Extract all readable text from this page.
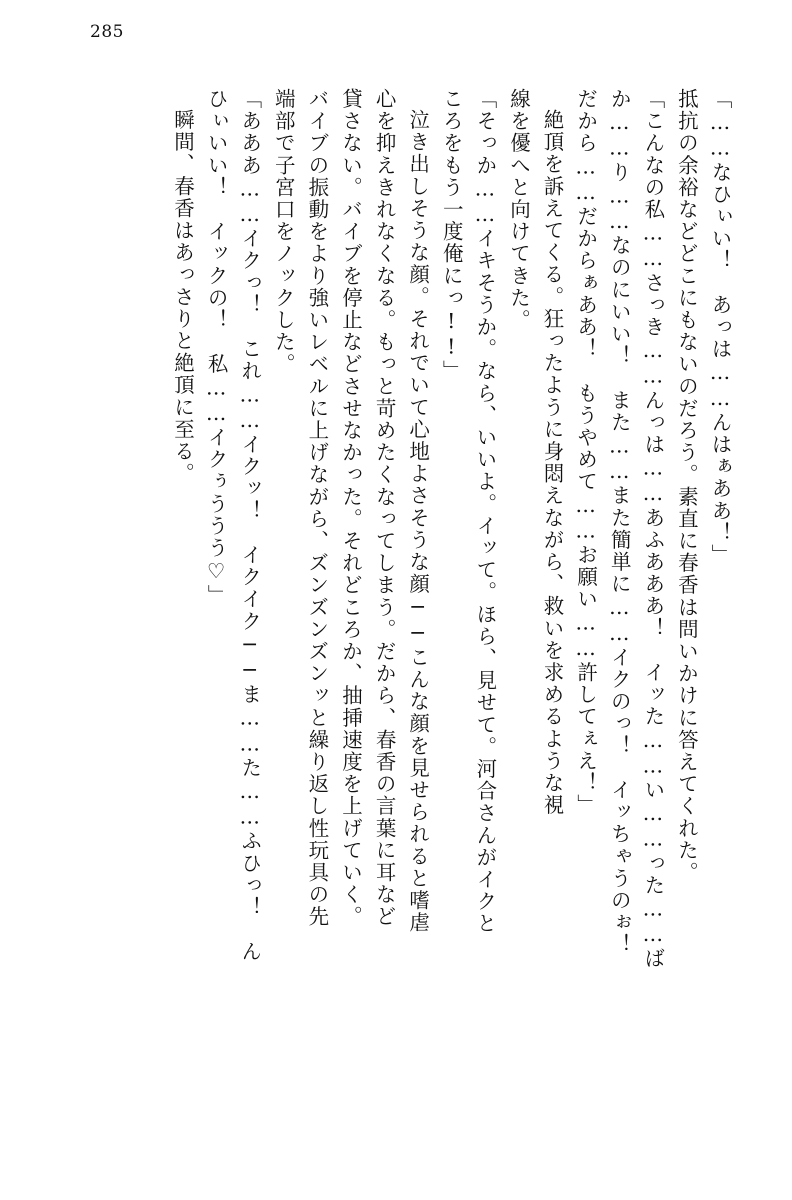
285
「……なひぃい！　あっは……んはぁああ！」
抵抗の余裕などどこにもないのだろう。素直に春香は問いかけに答えてくれた。
「こんなの私……さっき……んっは……あふあああ！　イッた……い……った……ば
か……り……なのにいい！　また……また簡単に……イクのっ！　イッちゃうのぉ！
だから……だからぁああ！　もうやめて……お願い……許してぇえ！」
絶頂を訴えてくる。狂ったように身悶えながら、救いを求めるような視
線を優へと向けてきた。
「そっか……イキそうか。なら、いいよ。イッて。ほら、見せて。河合さんがイクと
ころをもう一度俺にっ!!」
泣き出しそうな顔。それでいて心地よさそうな顔──こんな顔を見せられると嗜虐
心を抑えきれなくなる。もっと苛めたくなってしまう。だから、春香の言葉に耳など
貸さない。バイブを停止などさせなかった。それどころか、抽挿速度を上げていく。
バイブの振動をより強いレベルに上げながら、ズンズンズンッと繰り返し性玩具の先
端部で子宮口をノックした。
「あああ……イクっ！　これ……イクッ！　イクイク──ま……た……ふひっ！　ん
ひぃいい！　イックの！　私……イクぅううう♡」
瞬間、春香はあっさりと絶頂に至る。
